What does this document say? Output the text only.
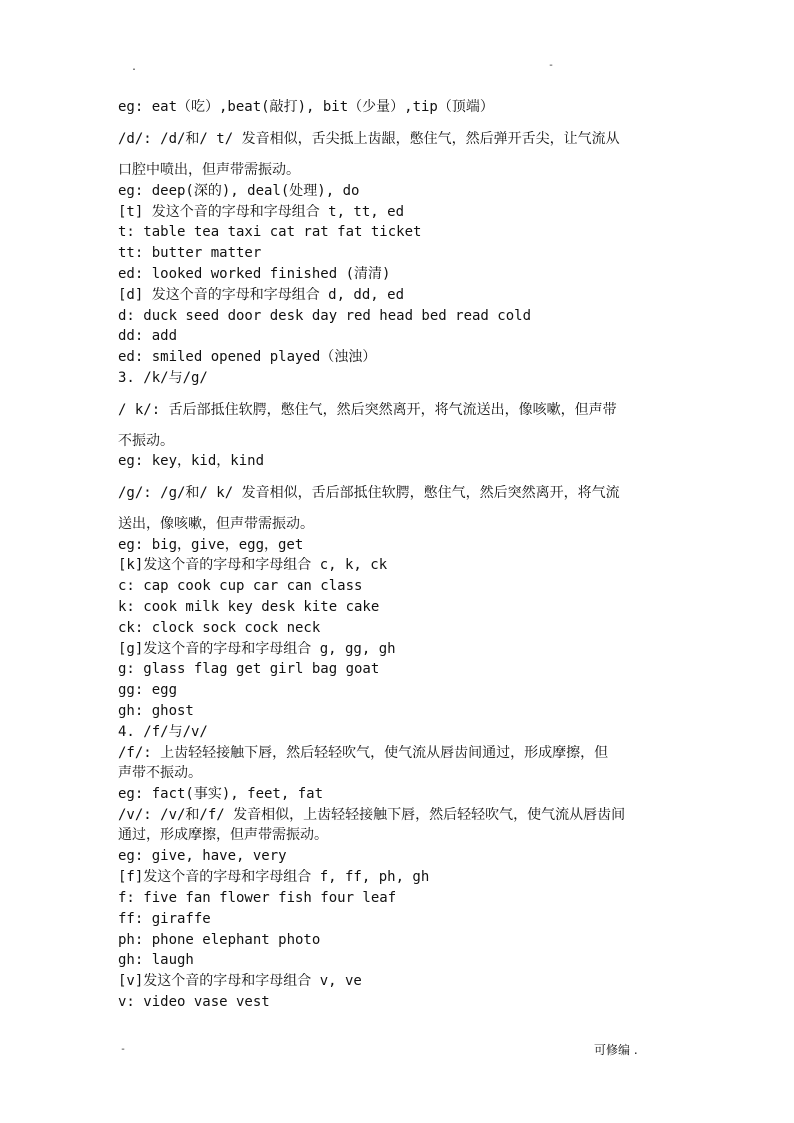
.	-
eg: eat（吃）,beat(敲打), bit（少量）,tip（顶端）
/d/: /d/和/ t/ 发音相似，舌尖抵上齿龈，憋住气，然后弹开舌尖，让气流从
口腔中喷出，但声带需振动。
eg: deep(深的), deal(处理), do
[t] 发这个音的字母和字母组合 t, tt, ed
t: table tea taxi cat rat fat ticket
tt: butter matter
ed: looked worked finished (清清)
[d] 发这个音的字母和字母组合 d, dd, ed
d: duck seed door desk day red head bed read cold
dd: add
ed: smiled opened played（浊浊）
3. /k/与/g/
/ k/: 舌后部抵住软腭，憋住气，然后突然离开，将气流送出，像咳嗽，但声带
不振动。
eg: key，kid，kind
/g/: /g/和/ k/ 发音相似，舌后部抵住软腭，憋住气，然后突然离开，将气流
送出，像咳嗽，但声带需振动。
eg: big，give，egg，get
[k]发这个音的字母和字母组合 c, k, ck
c: cap cook cup car can class
k: cook milk key desk kite cake
ck: clock sock cock neck
[g]发这个音的字母和字母组合 g, gg, gh
g: glass flag get girl bag goat
gg: egg
gh: ghost
4. /f/与/v/
/f/: 上齿轻轻接触下唇，然后轻轻吹气，使气流从唇齿间通过，形成摩擦，但
声带不振动。
eg: fact(事实), feet, fat
/v/: /v/和/f/ 发音相似，上齿轻轻接触下唇，然后轻轻吹气，使气流从唇齿间
通过，形成摩擦，但声带需振动。
eg: give, have, very
[f]发这个音的字母和字母组合 f, ff, ph, gh
f: five fan flower fish four leaf
ff: giraffe
ph: phone elephant photo
gh: laugh
[v]发这个音的字母和字母组合 v, ve
v: video vase vest
-	可修编 .
